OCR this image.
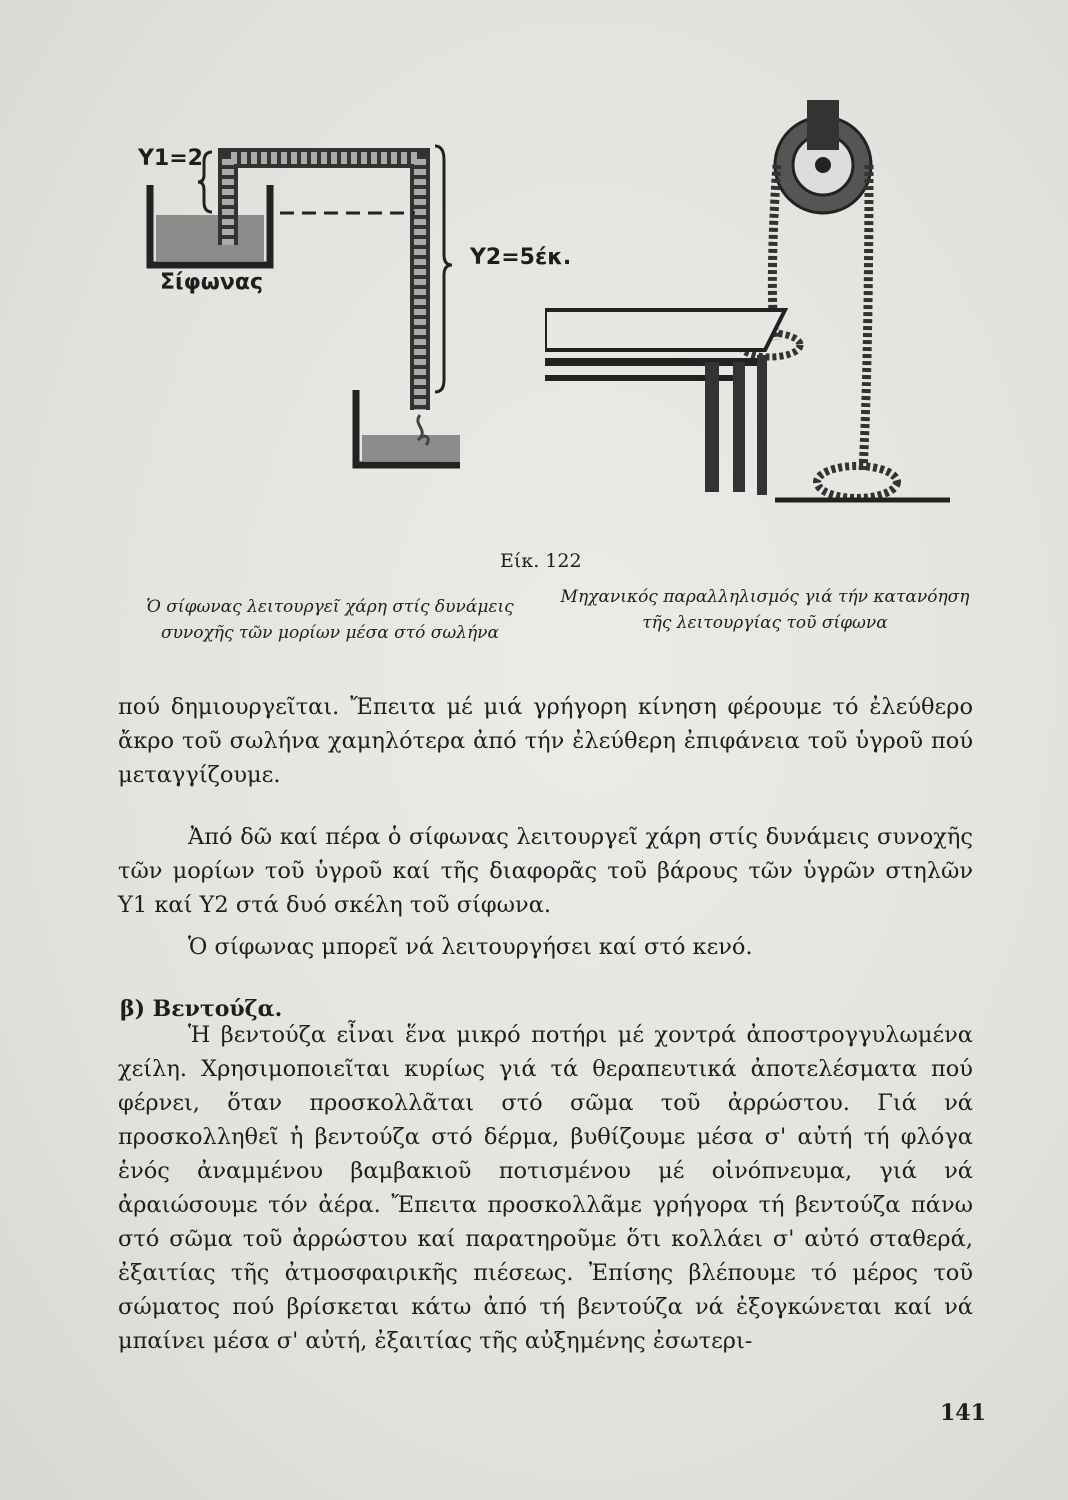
Υ1=2
Σίφωνας
Υ2=5έκ.
Είκ. 122
Ὁ σίφωνας λειτουργεῖ χάρη στίς δυνάμεις συνοχῆς τῶν μορίων μέσα στό σωλήνα
Μηχανικός παραλληλισμός γιά τήν κατανόηση τῆς λειτουργίας τοῦ σίφωνα

πού δημιουργεῖται. Ἔπειτα μέ μιά γρήγορη κίνηση φέρουμε τό ἐλεύθερο ἄκρο τοῦ σωλήνα χαμηλότερα ἀπό τήν ἐλεύθερη ἐπιφάνεια τοῦ ὑγροῦ πού μεταγγίζουμε.

Ἀπό δῶ καί πέρα ὁ σίφωνας λειτουργεῖ χάρη στίς δυνάμεις συνοχῆς τῶν μορίων τοῦ ὑγροῦ καί τῆς διαφορᾶς τοῦ βάρους τῶν ὑγρῶν στηλῶν Υ1 καί Υ2 στά δυό σκέλη τοῦ σίφωνα.

Ὁ σίφωνας μπορεῖ νά λειτουργήσει καί στό κενό.

β) Βεντούζα.

Ἡ βεντούζα εἶναι ἕνα μικρό ποτήρι μέ χοντρά ἀποστρογγυλωμένα χείλη. Χρησιμοποιεῖται κυρίως γιά τά θεραπευτικά ἀποτελέσματα πού φέρνει, ὅταν προσκολλᾶται στό σῶμα τοῦ ἀρρώστου. Γιά νά προσκολληθεῖ ἡ βεντούζα στό δέρμα, βυθίζουμε μέσα σ' αὐτή τή φλόγα ἑνός ἀναμμένου βαμβακιοῦ ποτισμένου μέ οἰνόπνευμα, γιά νά ἀραιώσουμε τόν ἀέρα. Ἔπειτα προσκολλᾶμε γρήγορα τή βεντούζα πάνω στό σῶμα τοῦ ἀρρώστου καί παρατηροῦμε ὅτι κολλάει σ' αὐτό σταθερά, ἐξαιτίας τῆς ἀτμοσφαιρικῆς πιέσεως. Ἐπίσης βλέπουμε τό μέρος τοῦ σώματος πού βρίσκεται κάτω ἀπό τή βεντούζα νά ἐξογκώνεται καί νά μπαίνει μέσα σ' αὐτή, ἐξαιτίας τῆς αὐξημένης ἐσωτερι-

141
